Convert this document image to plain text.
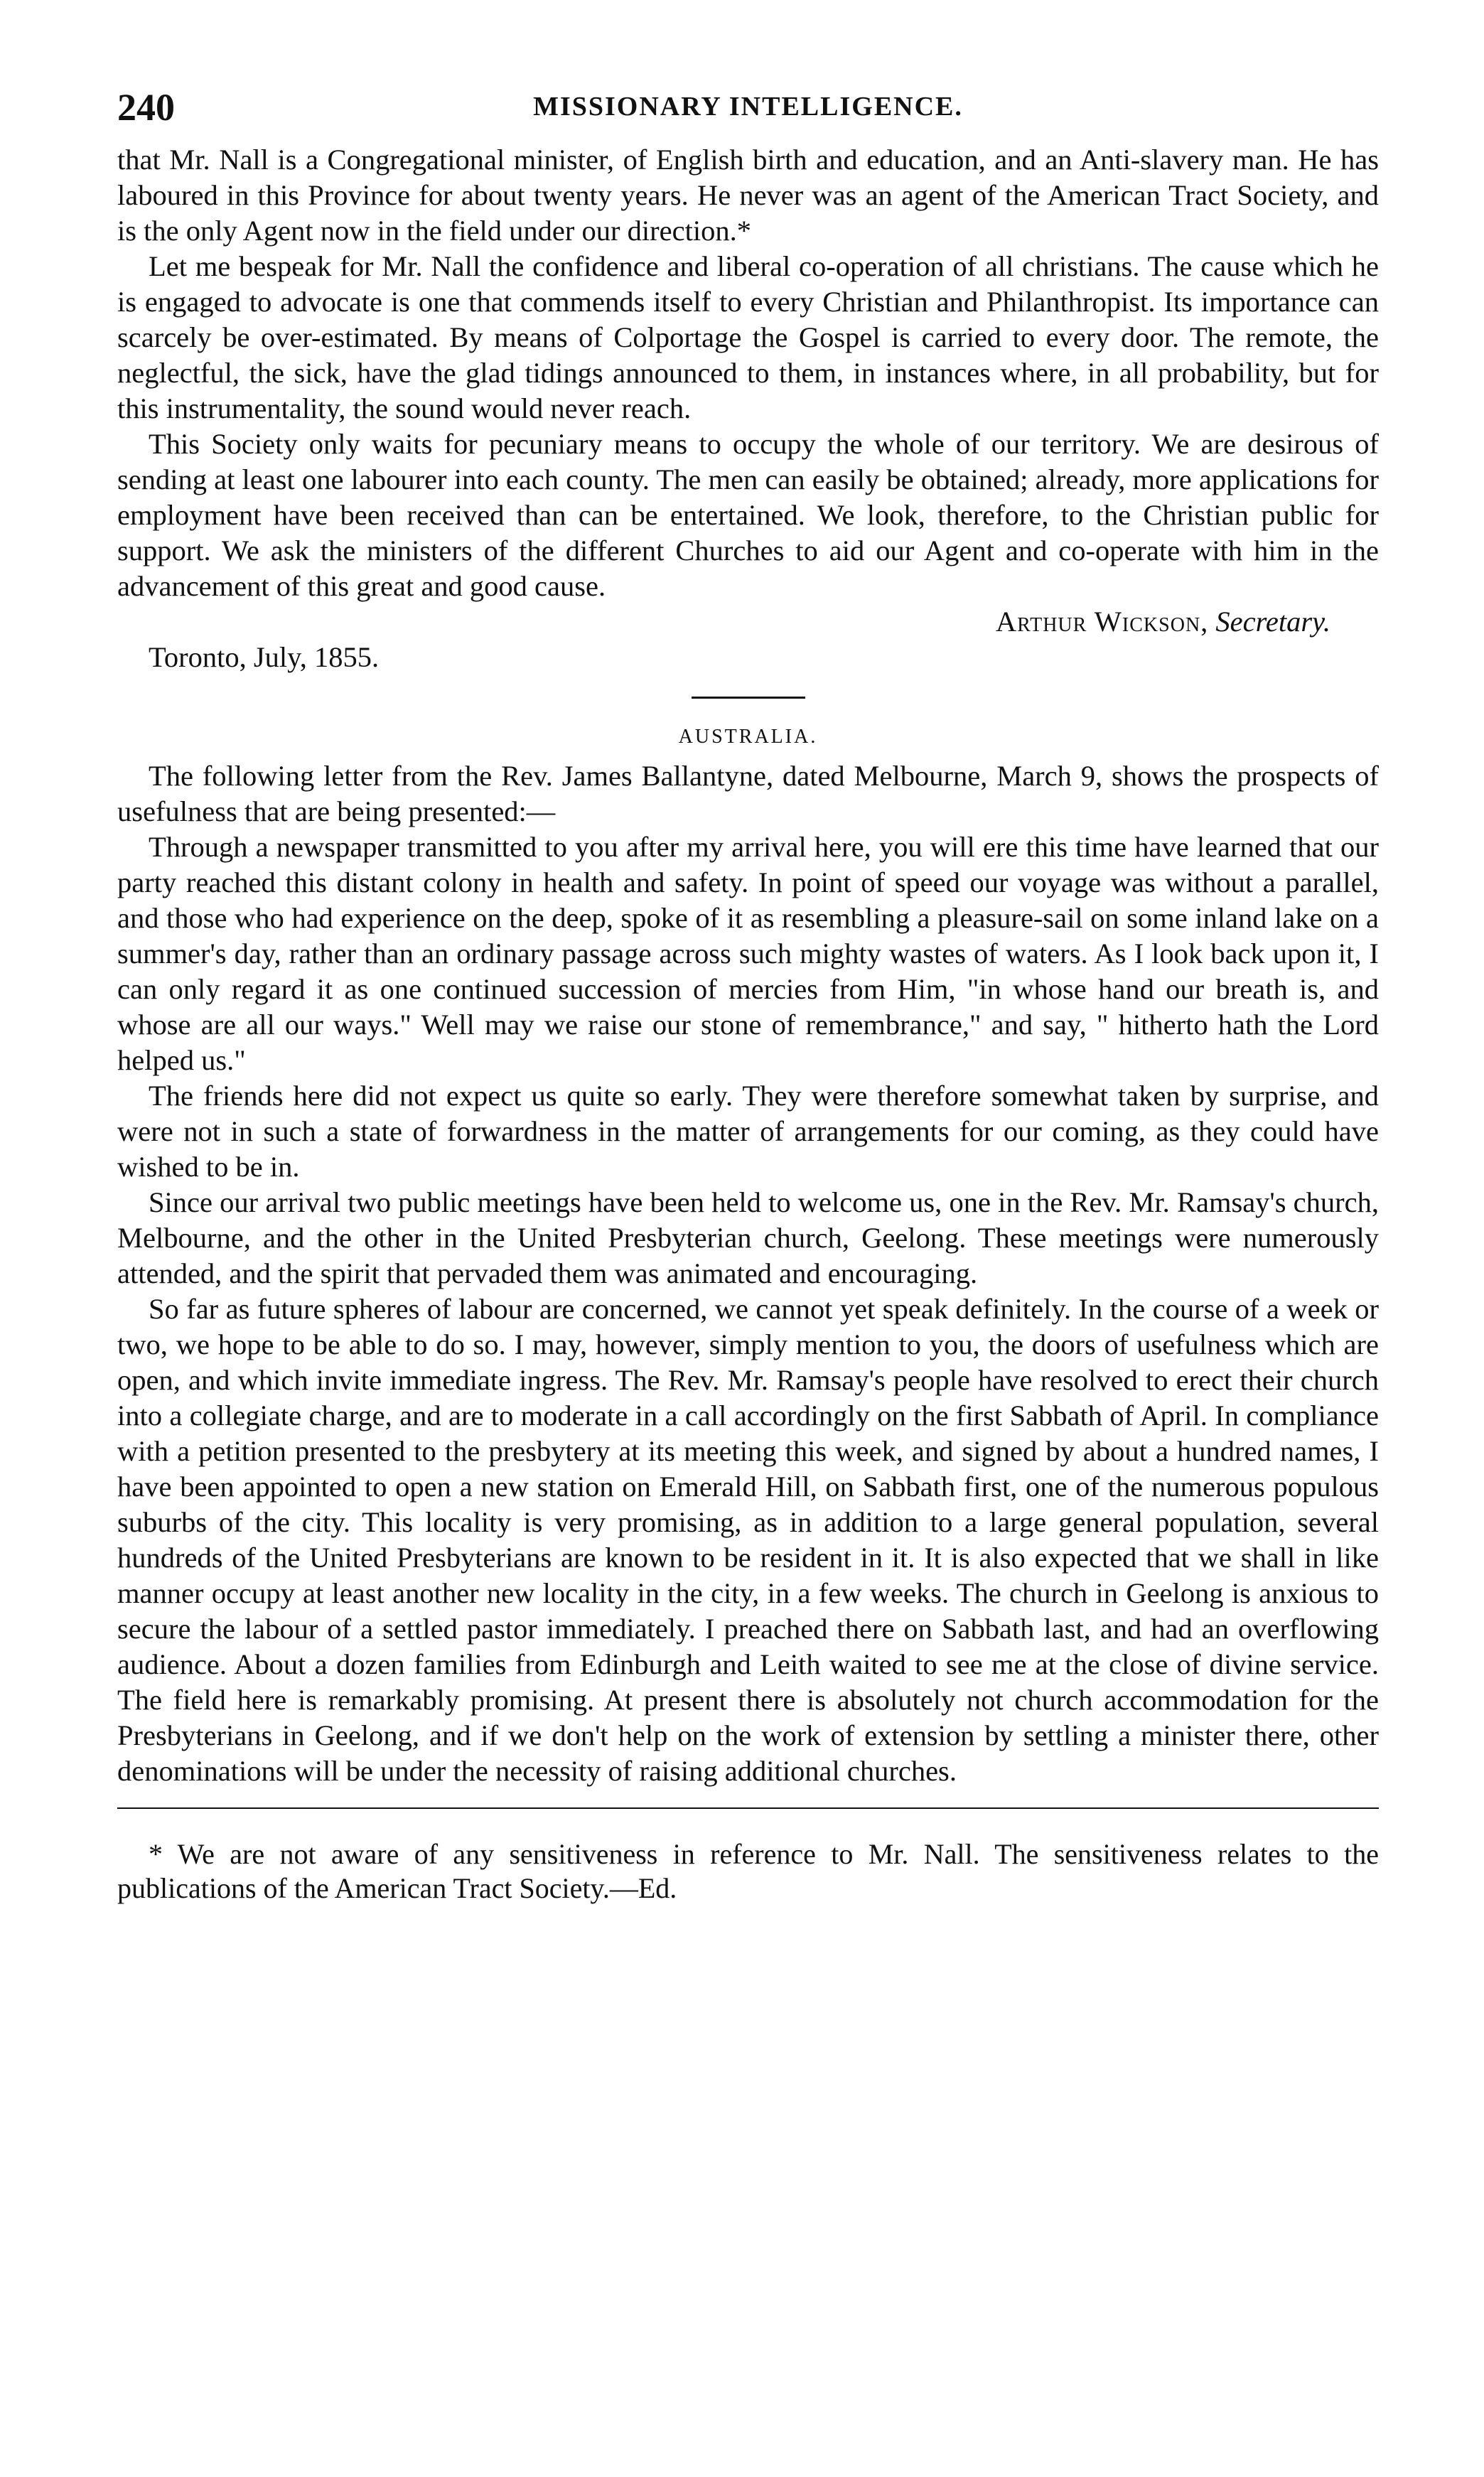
240	MISSIONARY INTELLIGENCE.

that Mr. Nall is a Congregational minister, of English birth and education, and an Anti-slavery man. He has laboured in this Province for about twenty years. He never was an agent of the American Tract Society, and is the only Agent now in the field under our direction.*

Let me bespeak for Mr. Nall the confidence and liberal co-operation of all christians. The cause which he is engaged to advocate is one that commends itself to every Christian and Philanthropist. Its importance can scarcely be over-estimated. By means of Colportage the Gospel is carried to every door. The remote, the neglectful, the sick, have the glad tidings announced to them, in instances where, in all probability, but for this instrumentality, the sound would never reach.

This Society only waits for pecuniary means to occupy the whole of our territory. We are desirous of sending at least one labourer into each county. The men can easily be obtained; already, more applications for employment have been received than can be entertained. We look, therefore, to the Christian public for support. We ask the ministers of the different Churches to aid our Agent and co-operate with him in the advancement of this great and good cause.

Arthur Wickson, Secretary.

Toronto, July, 1855.

AUSTRALIA.

The following letter from the Rev. James Ballantyne, dated Melbourne, March 9, shows the prospects of usefulness that are being presented:—

Through a newspaper transmitted to you after my arrival here, you will ere this time have learned that our party reached this distant colony in health and safety. In point of speed our voyage was without a parallel, and those who had experience on the deep, spoke of it as resembling a pleasure-sail on some inland lake on a summer's day, rather than an ordinary passage across such mighty wastes of waters. As I look back upon it, I can only regard it as one continued succession of mercies from Him, "in whose hand our breath is, and whose are all our ways." Well may we raise our stone of remembrance," and say, " hitherto hath the Lord helped us."

The friends here did not expect us quite so early. They were therefore somewhat taken by surprise, and were not in such a state of forwardness in the matter of arrangements for our coming, as they could have wished to be in.

Since our arrival two public meetings have been held to welcome us, one in the Rev. Mr. Ramsay's church, Melbourne, and the other in the United Presbyterian church, Geelong. These meetings were numerously attended, and the spirit that pervaded them was animated and encouraging.

So far as future spheres of labour are concerned, we cannot yet speak definitely. In the course of a week or two, we hope to be able to do so. I may, however, simply mention to you, the doors of usefulness which are open, and which invite immediate ingress. The Rev. Mr. Ramsay's people have resolved to erect their church into a collegiate charge, and are to moderate in a call accordingly on the first Sabbath of April. In compliance with a petition presented to the presbytery at its meeting this week, and signed by about a hundred names, I have been appointed to open a new station on Emerald Hill, on Sabbath first, one of the numerous populous suburbs of the city. This locality is very promising, as in addition to a large general population, several hundreds of the United Presbyterians are known to be resident in it. It is also expected that we shall in like manner occupy at least another new locality in the city, in a few weeks. The church in Geelong is anxious to secure the labour of a settled pastor immediately. I preached there on Sabbath last, and had an overflowing audience. About a dozen families from Edinburgh and Leith waited to see me at the close of divine service. The field here is remarkably promising. At present there is absolutely not church accommodation for the Presbyterians in Geelong, and if we don't help on the work of extension by settling a minister there, other denominations will be under the necessity of raising additional churches.

* We are not aware of any sensitiveness in reference to Mr. Nall. The sensitiveness relates to the publications of the American Tract Society.—Ed.
